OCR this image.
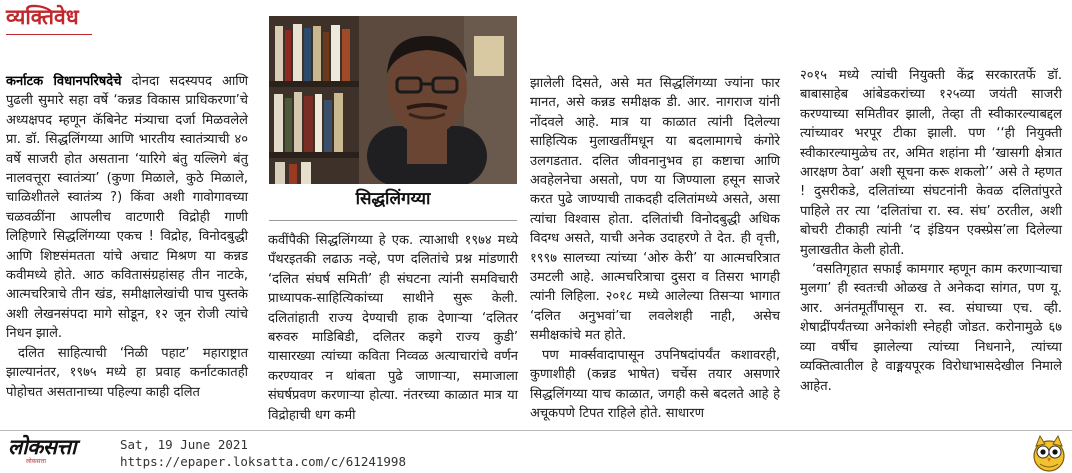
व्यक्तिवेध

कर्नाटक विधानपरिषदेचे दोनदा सदस्यपद आणि पुढली सुमारे सहा वर्षे ‘कन्नड विकास प्राधिकरणा’चे अध्यक्षपद म्हणून कॅबिनेट मंत्र्याचा दर्जा मिळवलेले प्रा. डॉ. सिद्धलिंगय्या आणि भारतीय स्वातंत्र्याची ४० वर्षे साजरी होत असताना ‘यारिगे बंतु यल्लिगे बंतु नालवत्तूरा स्वातंत्र्या’ (कुणा मिळाले, कुठे मिळाले, चाळिशीतले स्वातंत्र्य ?) किंवा अशी गावोगावच्या चळवळींना आपलीच वाटणारी विद्रोही गाणी लिहिणारे सिद्धलिंगय्या एकच ! विद्रोह, विनोदबुद्धी आणि शिष्टसंमतता यांचे अचाट मिश्रण या कन्नड कवीमध्ये होते. आठ कवितासंग्रहांसह तीन नाटके, आत्मचरित्राचे तीन खंड, समीक्षालेखांची पाच पुस्तके अशी लेखनसंपदा मागे सोडून, १२ जून रोजी त्यांचे निधन झाले.

दलित साहित्याची ‘निळी पहाट’ महाराष्ट्रात झाल्यानंतर, १९७५ मध्ये हा प्रवाह कर्नाटकातही पोहोचत असतानाच्या पहिल्या काही दलित

सिद्धलिंगय्या

कवींपैकी सिद्धलिंगय्या हे एक. त्याआधी १९७४ मध्ये पँथरइतकी लढाऊ नव्हे, पण दलितांचे प्रश्न मांडणारी ‘दलित संघर्ष समिती’ ही संघटना त्यांनी समविचारी प्राध्यापक-साहित्यिकांच्या साथीने सुरू केली. दलितांहाती राज्य देण्याची हाक देणाऱ्या ‘दलितर बरुवरु माडिबिडी, दलितर कइगे राज्य कुडी’ यासारख्या त्यांच्या कविता निव्वळ अत्याचारांचे वर्णन करण्यावर न थांबता पुढे जाणाऱ्या, समाजाला संघर्षप्रवण करणाऱ्या होत्या. नंतरच्या काळात मात्र या विद्रोहाची धग कमी

झालेली दिसते, असे मत सिद्धलिंगय्या ज्यांना फार मानत, असे कन्नड समीक्षक डी. आर. नागराज यांनी नोंदवले आहे. मात्र या काळात त्यांनी दिलेल्या साहित्यिक मुलाखतींमधून या बदलामागचे कंगोरे उलगडतात. दलित जीवनानुभव हा कष्टाचा आणि अवहेलनेचा असतो, पण या जिण्याला हसून साजरे करत पुढे जाण्याची ताकदही दलितांमध्ये असते, असा त्यांचा विश्वास होता. दलितांची विनोदबुद्धी अधिक विदग्ध असते, याची अनेक उदाहरणे ते देत. ही वृत्ती, १९९७ सालच्या त्यांच्या ‘ओरु केरी’ या आत्मचरित्रात उमटली आहे. आत्मचरित्राचा दुसरा व तिसरा भागही त्यांनी लिहिला. २०१८ मध्ये आलेल्या तिसऱ्या भागात ‘दलित अनुभवां’चा लवलेशही नाही, असेच समीक्षकांचे मत होते.

पण मार्क्सवादापासून उपनिषदांपर्यंत कशावरही, कुणाशीही (कन्नड भाषेत) चर्चेस तयार असणारे सिद्धलिंगय्या याच काळात, जगही कसे बदलते आहे हे अचूकपणे टिपत राहिले होते. साधारण

२०१५ मध्ये त्यांची नियुक्ती केंद्र सरकारतर्फे डॉ. बाबासाहेब आंबेडकरांच्या १२५व्या जयंती साजरी करण्याच्या समितीवर झाली, तेव्हा ती स्वीकारल्याबद्दल त्यांच्यावर भरपूर टीका झाली. पण ‘‘ही नियुक्ती स्वीकारल्यामुळेच तर, अमित शहांना मी ‘खासगी क्षेत्रात आरक्षण ठेवा’ अशी सूचना करू शकलो’’ असे ते म्हणत ! दुसरीकडे, दलितांच्या संघटनांनी केवळ दलितांपुरते पाहिले तर त्या ‘दलितांचा रा. स्व. संघ’ ठरतील, अशी बोचरी टीकाही त्यांनी ‘द इंडियन एक्स्प्रेस’ला दिलेल्या मुलाखतीत केली होती.

‘वसतिगृहात सफाई कामगार म्हणून काम करणाऱ्याचा मुलगा’ ही स्वतःची ओळख ते अनेकदा सांगत, पण यू. आर. अनंतमूर्तींपासून रा. स्व. संघाच्या एच. व्ही. शेषाद्रींपर्यंतच्या अनेकांशी स्नेहही जोडत. करोनामुळे ६७ व्या वर्षीच झालेल्या त्यांच्या निधनाने, त्यांच्या व्यक्तित्वातील हे वाङ्मयपूरक विरोधाभासदेखील निमाले आहेत.

लोकसत्ता
लोकसत्ता
Sat, 19 June 2021
https://epaper.loksatta.com/c/61241998
